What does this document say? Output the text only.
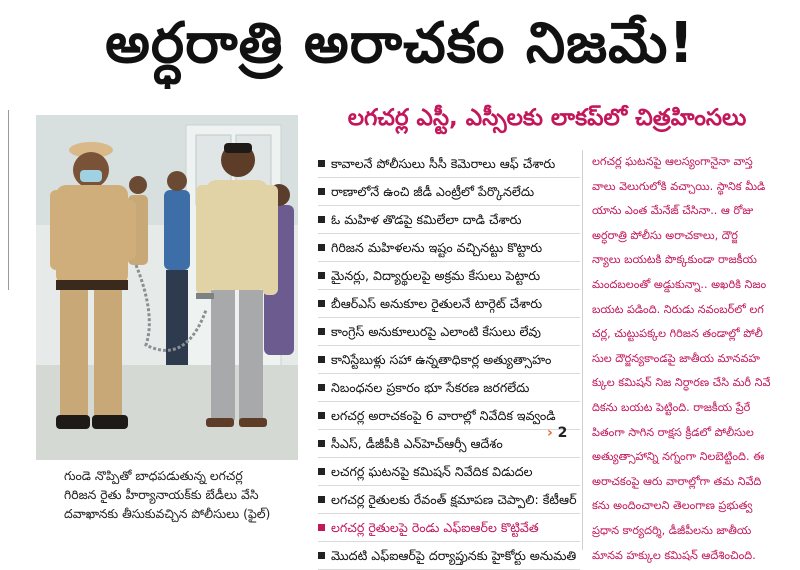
అర్ధరాత్రి అరాచకం నిజమే!
లగచర్ల ఎస్టీ, ఎస్సీలకు లాకప్‌లో చిత్రహింసలు
గుండె నొప్పితో బాధపడుతున్న లగచర్ల
గిరిజన రైతు హీర్యానాయక్‌కు బేడీలు వేసి
దవాఖానకు తీసుకువచ్చిన పోలీసులు (ఫైల్)
కావాలనే పోలీసులు సీసీ కెమెరాలు ఆఫ్ చేశారు
రాణాలోనే ఉంచి జీడీ ఎంట్రీలో పేర్కొనలేదు
ఓ మహిళ తొడపై కమిలేలా దాడి చేశారు
గిరిజన మహిళలను ఇష్టం వచ్చినట్టు కొట్టారు
మైనర్లు, విద్యార్థులపై అక్రమ కేసులు పెట్టారు
బీఆర్‌ఎస్ అనుకూల రైతులనే టార్గెట్ చేశారు
కాంగ్రెస్ అనుకూలురపై ఎలాంటి కేసులు లేవు
కానిస్టేబుళ్లు సహా ఉన్నతాధికార్ల అత్యుత్సాహం
నిబంధనల ప్రకారం భూ సేకరణ జరగలేదు
లగచర్ల అరాచకంపై 6 వారాల్లో నివేదిక ఇవ్వండి
సీఎస్, డీజీపీకి ఎన్‌హెచ్‌ఆర్సీ ఆదేశం
లచగర్ల ఘటనపై కమిషన్ నివేదిక విడుదల
లగచర్ల రైతులకు రేవంత్ క్షమాపణ చెప్పాలి: కేటీఆర్
లగచర్ల రైతులపై రెండు ఎఫ్ఐఆర్‌ల కొట్టివేత
మొదటి ఎఫ్ఐఆర్‌పై దర్యాప్తునకు హైకోర్టు అనుమతి
› 2
లగచర్ల ఘటనపై ఆలస్యంగానైనా వాస్త
వాలు వెలుగులోకి వచ్చాయి. స్థానిక మీడి
యాను ఎంత మేనేజ్ చేసినా.. ఆ రోజు
అర్ధరాత్రి పోలీసు అరాచకాలు, దౌర్జ
న్యాలు బయటకి పొక్కకుండా రాజకీయ
మందబలంతో అడ్డుకున్నా.. అఖరికి నిజం
బయట పడింది. నిరుడు నవంబర్‌లో లగ
చర్ల, చుట్టుపక్కల గిరిజన తండాల్లో పోలీ
సుల దౌర్జన్యకాండపై జాతీయ మానవహ
క్కుల కమిషన్ నిజ నిర్ధారణ చేసి మరీ నివే
దికను బయట పెట్టింది. రాజకీయ ప్రేరే
పితంగా సాగిన రాక్షస క్రీడలో పోలీసుల
అత్యుత్సాహాన్ని నగ్నంగా నిలబెట్టింది. ఈ
అరాచకంపై ఆరు వారాల్లోగా తమ నివేది
కను అందించాలని తెలంగాణ ప్రభుత్వ
ప్రధాన కార్యదర్శి, డీజీపీలను జాతీయ
మానవ హక్కుల కమిషన్ ఆదేశించింది.
